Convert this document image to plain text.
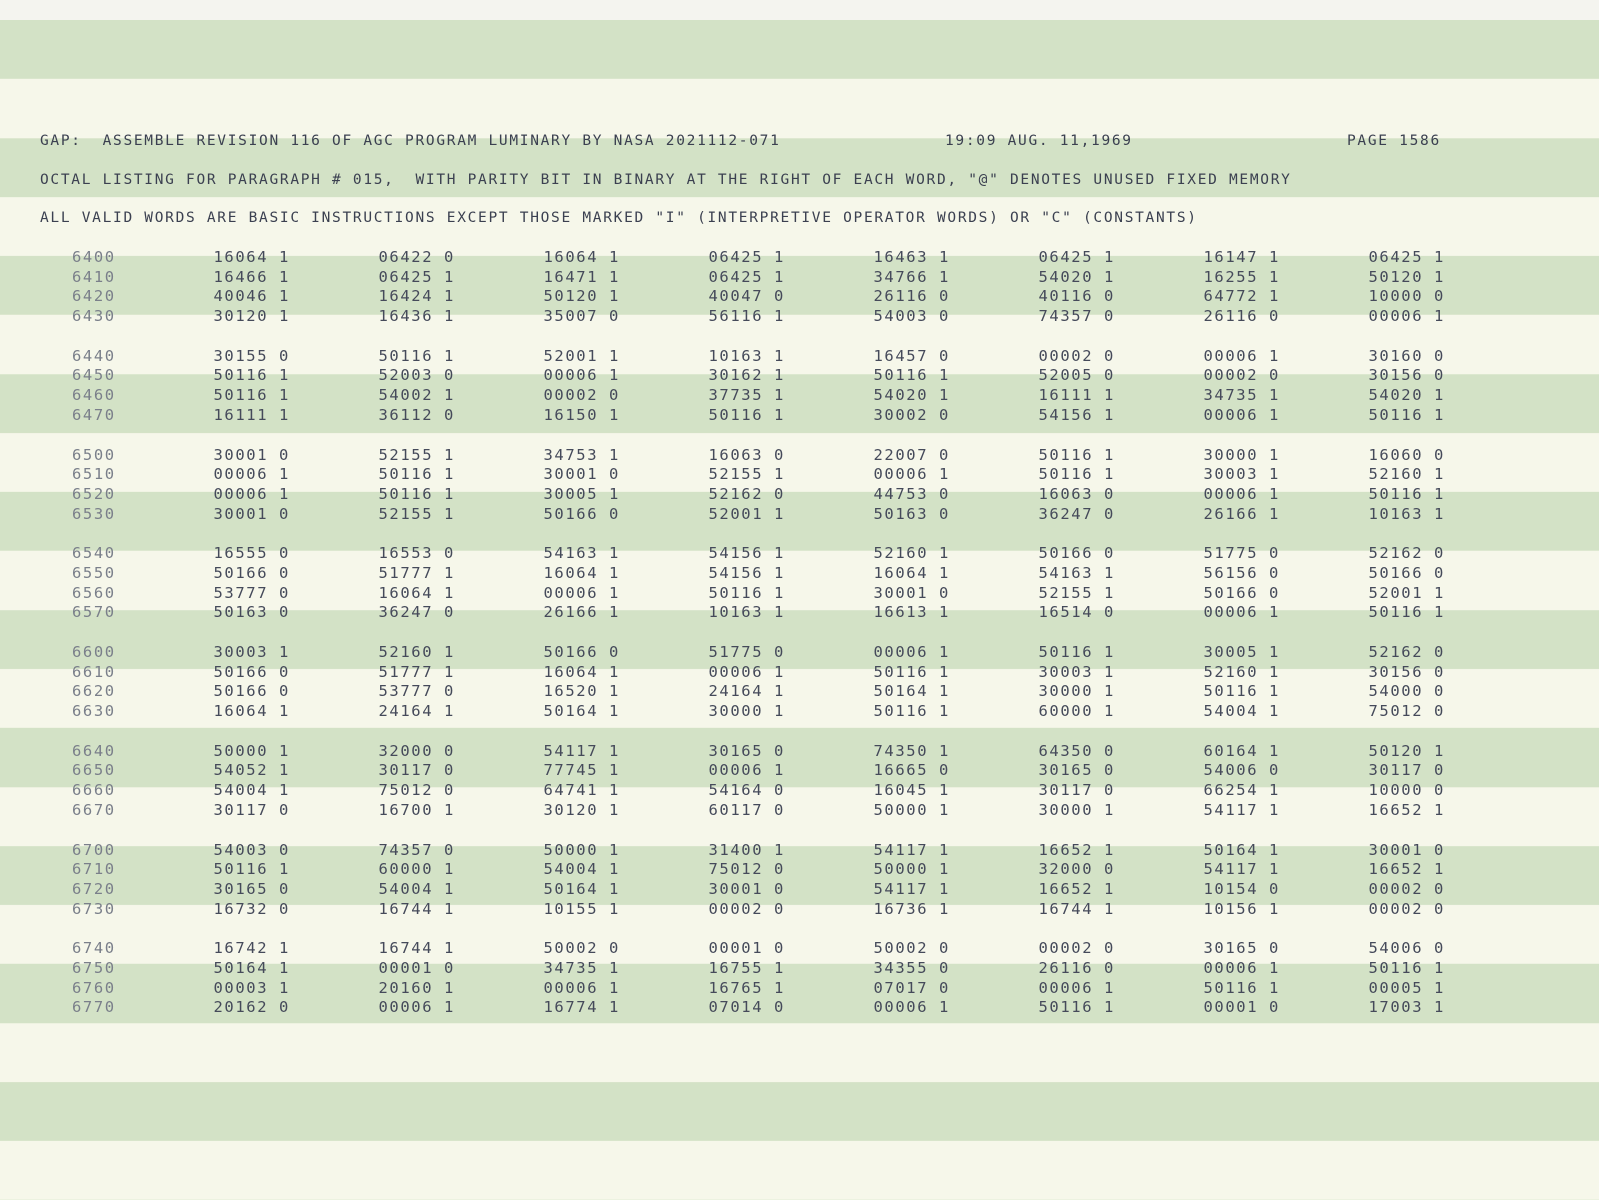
GAP:  ASSEMBLE REVISION 116 OF AGC PROGRAM LUMINARY BY NASA 2021112-071	19:09 AUG. 11,1969	PAGE 1586
OCTAL LISTING FOR PARAGRAPH # 015,  WITH PARITY BIT IN BINARY AT THE RIGHT OF EACH WORD, "@" DENOTES UNUSED FIXED MEMORY
ALL VALID WORDS ARE BASIC INSTRUCTIONS EXCEPT THOSE MARKED "I" (INTERPRETIVE OPERATOR WORDS) OR "C" (CONSTANTS)
6400	16064 1	06422 0	16064 1	06425 1	16463 1	06425 1	16147 1	06425 1
6410	16466 1	06425 1	16471 1	06425 1	34766 1	54020 1	16255 1	50120 1
6420	40046 1	16424 1	50120 1	40047 0	26116 0	40116 0	64772 1	10000 0
6430	30120 1	16436 1	35007 0	56116 1	54003 0	74357 0	26116 0	00006 1
6440	30155 0	50116 1	52001 1	10163 1	16457 0	00002 0	00006 1	30160 0
6450	50116 1	52003 0	00006 1	30162 1	50116 1	52005 0	00002 0	30156 0
6460	50116 1	54002 1	00002 0	37735 1	54020 1	16111 1	34735 1	54020 1
6470	16111 1	36112 0	16150 1	50116 1	30002 0	54156 1	00006 1	50116 1
6500	30001 0	52155 1	34753 1	16063 0	22007 0	50116 1	30000 1	16060 0
6510	00006 1	50116 1	30001 0	52155 1	00006 1	50116 1	30003 1	52160 1
6520	00006 1	50116 1	30005 1	52162 0	44753 0	16063 0	00006 1	50116 1
6530	30001 0	52155 1	50166 0	52001 1	50163 0	36247 0	26166 1	10163 1
6540	16555 0	16553 0	54163 1	54156 1	52160 1	50166 0	51775 0	52162 0
6550	50166 0	51777 1	16064 1	54156 1	16064 1	54163 1	56156 0	50166 0
6560	53777 0	16064 1	00006 1	50116 1	30001 0	52155 1	50166 0	52001 1
6570	50163 0	36247 0	26166 1	10163 1	16613 1	16514 0	00006 1	50116 1
6600	30003 1	52160 1	50166 0	51775 0	00006 1	50116 1	30005 1	52162 0
6610	50166 0	51777 1	16064 1	00006 1	50116 1	30003 1	52160 1	30156 0
6620	50166 0	53777 0	16520 1	24164 1	50164 1	30000 1	50116 1	54000 0
6630	16064 1	24164 1	50164 1	30000 1	50116 1	60000 1	54004 1	75012 0
6640	50000 1	32000 0	54117 1	30165 0	74350 1	64350 0	60164 1	50120 1
6650	54052 1	30117 0	77745 1	00006 1	16665 0	30165 0	54006 0	30117 0
6660	54004 1	75012 0	64741 1	54164 0	16045 1	30117 0	66254 1	10000 0
6670	30117 0	16700 1	30120 1	60117 0	50000 1	30000 1	54117 1	16652 1
6700	54003 0	74357 0	50000 1	31400 1	54117 1	16652 1	50164 1	30001 0
6710	50116 1	60000 1	54004 1	75012 0	50000 1	32000 0	54117 1	16652 1
6720	30165 0	54004 1	50164 1	30001 0	54117 1	16652 1	10154 0	00002 0
6730	16732 0	16744 1	10155 1	00002 0	16736 1	16744 1	10156 1	00002 0
6740	16742 1	16744 1	50002 0	00001 0	50002 0	00002 0	30165 0	54006 0
6750	50164 1	00001 0	34735 1	16755 1	34355 0	26116 0	00006 1	50116 1
6760	00003 1	20160 1	00006 1	16765 1	07017 0	00006 1	50116 1	00005 1
6770	20162 0	00006 1	16774 1	07014 0	00006 1	50116 1	00001 0	17003 1
